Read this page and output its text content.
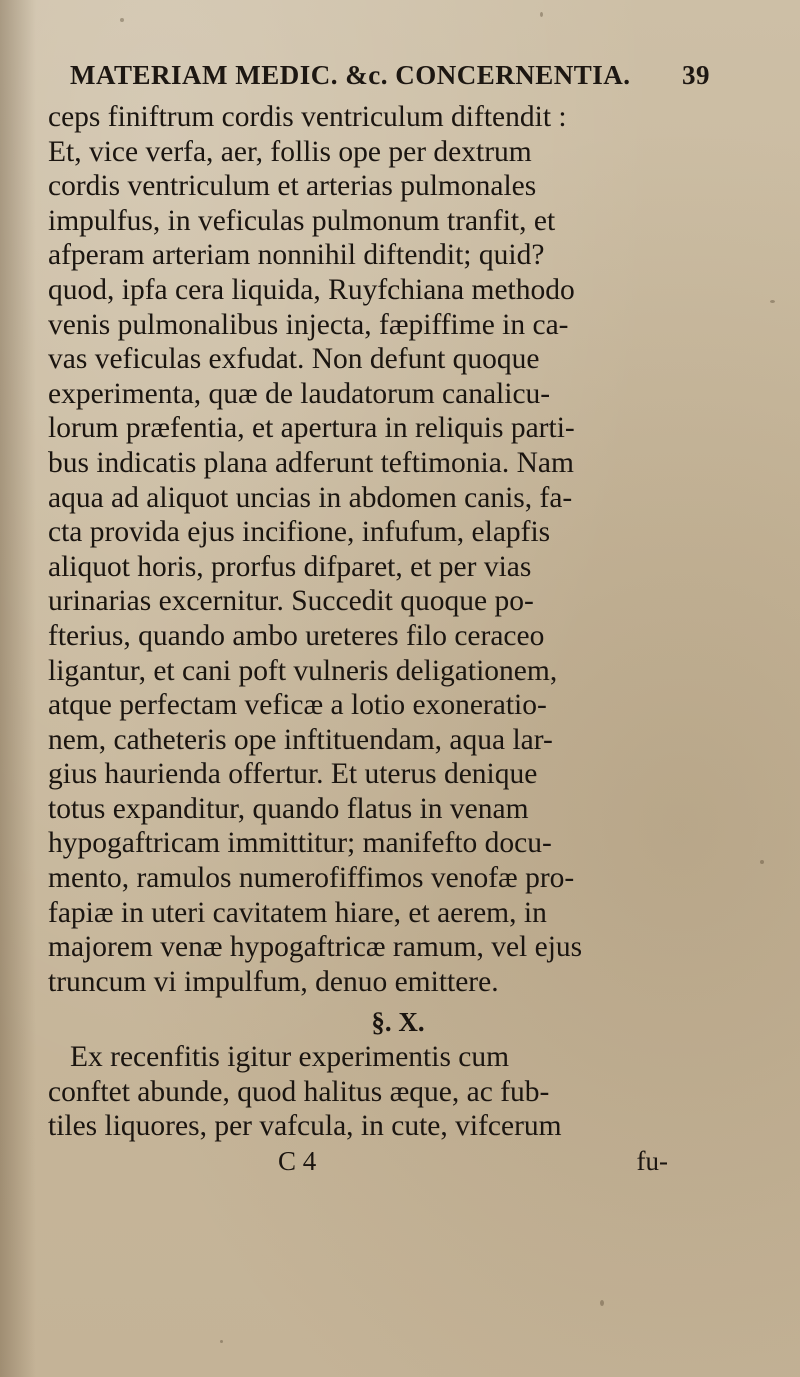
MATERIAM MEDIC. &c. CONCERNENTIA. 39
ceps finiftrum cordis ventriculum diftendit :
Et, vice verfa, aer, follis ope per dextrum
cordis ventriculum et arterias pulmonales
impulfus, in veficulas pulmonum tranfit, et
afperam arteriam nonnihil diftendit; quid?
quod, ipfa cera liquida, Ruyfchiana methodo
venis pulmonalibus injecta, fæpiffime in ca-
vas veficulas exfudat. Non defunt quoque
experimenta, quæ de laudatorum canalicu-
lorum præfentia, et apertura in reliquis parti-
bus indicatis plana adferunt teftimonia. Nam
aqua ad aliquot uncias in abdomen canis, fa-
cta provida ejus incifione, infufum, elapfis
aliquot horis, prorfus difparet, et per vias
urinarias excernitur. Succedit quoque po-
fterius, quando ambo ureteres filo ceraceo
ligantur, et cani poft vulneris deligationem,
atque perfectam veficæ a lotio exoneratio-
nem, catheteris ope inftituendam, aqua lar-
gius haurienda offertur. Et uterus denique
totus expanditur, quando flatus in venam
hypogaftricam immittitur; manifefto docu-
mento, ramulos numerofiffimos venofæ pro-
fapiæ in uteri cavitatem hiare, et aerem, in
majorem venæ hypogaftricæ ramum, vel ejus
truncum vi impulfum, denuo emittere.
§. X.
Ex recenfitis igitur experimentis cum
conftet abunde, quod halitus æque, ac fub-
tiles liquores, per vafcula, in cute, vifcerum
C 4	fu-
